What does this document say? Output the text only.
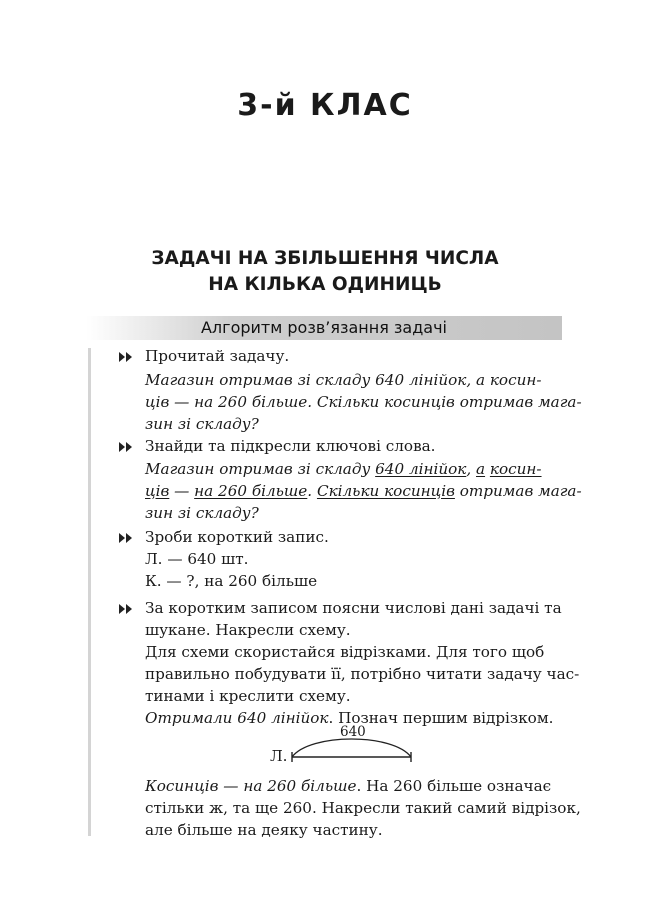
3-й КЛАС
ЗАДАЧІ НА ЗБІЛЬШЕННЯ ЧИСЛА
НА КІЛЬКА ОДИНИЦЬ
Алгоритм розв’язання задачі
Прочитай задачу.
Магазин отримав зі складу 640 лінійок, а косин-
ців — на 260 більше. Скільки косинців отримав мага-
зин зі складу?
Знайди та підкресли ключові слова.
Магазин отримав зі складу 640 лінійок, а косин-
ців — на 260 більше. Скільки косинців отримав мага-
зин зі складу?
Зроби короткий запис.
Л. — 640 шт.
К. — ?, на 260 більше
За коротким записом поясни числові дані задачі та
шукане. Накресли схему.
Для схеми скористайся відрізками. Для того щоб
правильно побудувати її, потрібно читати задачу час-
тинами і креслити схему.
Отримали 640 лінійок. Познач першим відрізком.
Л.
640
Косинців — на 260 більше. На 260 більше означає
стільки ж, та ще 260. Накресли такий самий відрізок,
але більше на деяку частину.
